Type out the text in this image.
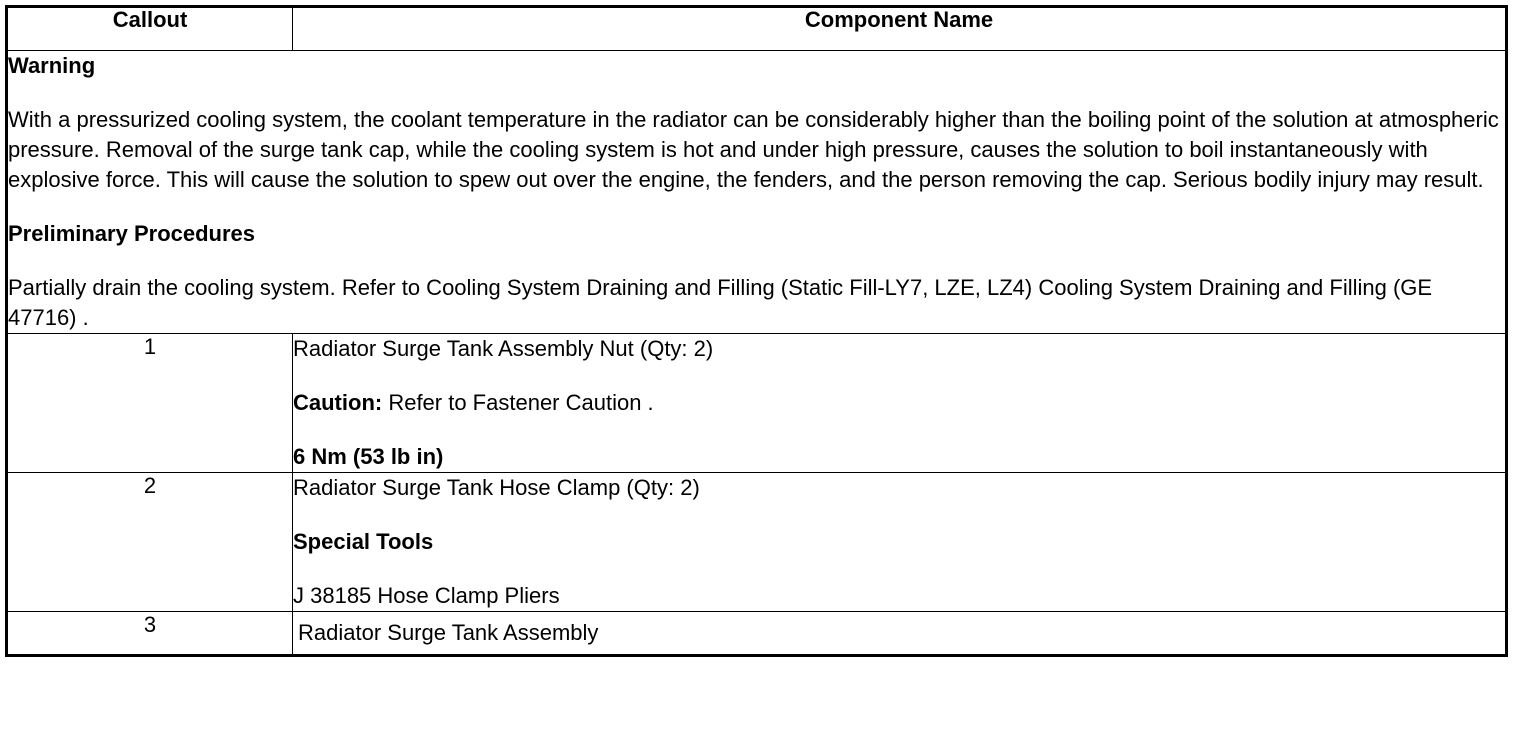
Callout	Component Name

Warning
With a pressurized cooling system, the coolant temperature in the radiator can be considerably higher than the boiling point of the solution at atmospheric pressure. Removal of the surge tank cap, while the cooling system is hot and under high pressure, causes the solution to boil instantaneously with explosive force. This will cause the solution to spew out over the engine, the fenders, and the person removing the cap. Serious bodily injury may result.
Preliminary Procedures
Partially drain the cooling system. Refer to Cooling System Draining and Filling (Static Fill-LY7, LZE, LZ4) Cooling System Draining and Filling (GE 47716) .	

1	Radiator Surge Tank Assembly Nut (Qty: 2)
Caution: Refer to Fastener Caution .
6 Nm (53 lb in)

2	Radiator Surge Tank Hose Clamp (Qty: 2)
Special Tools
J 38185 Hose Clamp Pliers

3	Radiator Surge Tank Assembly
